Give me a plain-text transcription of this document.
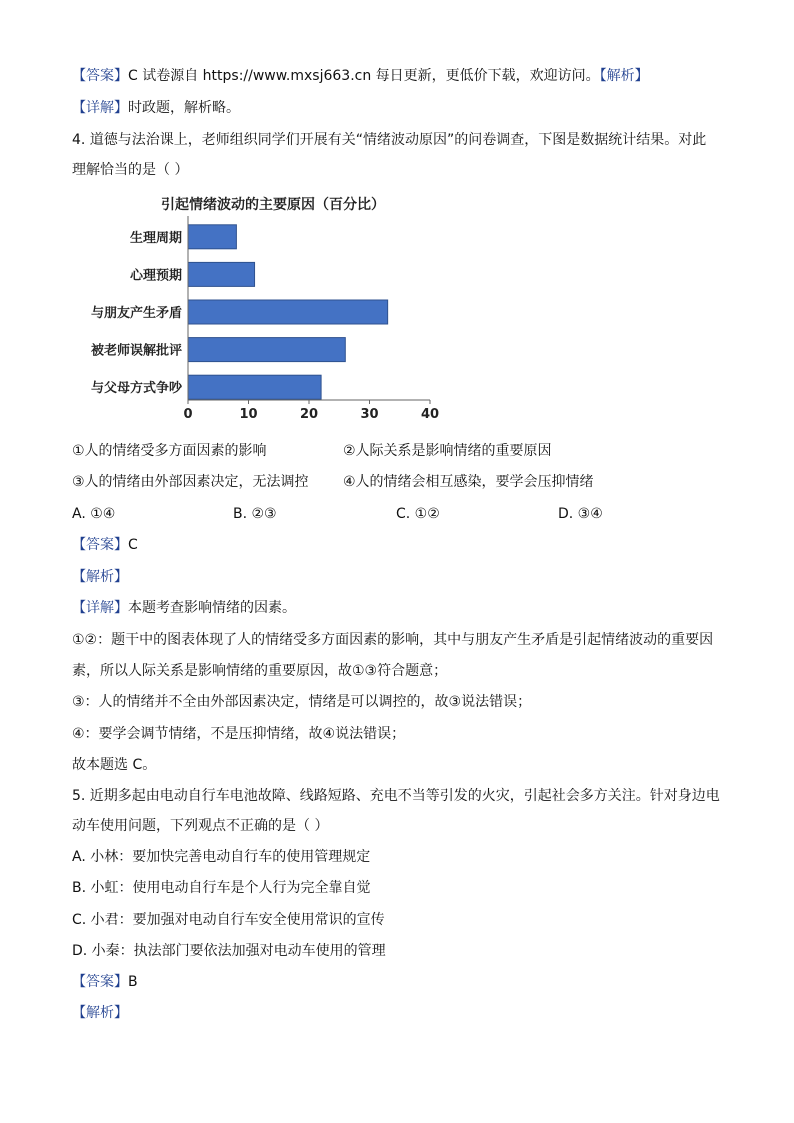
【答案】C 试卷源自 https://www.mxsj663.cn 每日更新，更低价下载，欢迎访问。【解析】
【详解】时政题，解析略。
4. 道德与法治课上，老师组织同学们开展有关“情绪波动原因”的问卷调查，下图是数据统计结果。对此
理解恰当的是（ ）
引起情绪波动的主要原因（百分比）
生理周期
心理预期
与朋友产生矛盾
被老师误解批评
与父母方式争吵
0	10	20	30	40
①人的情绪受多方面因素的影响	②人际关系是影响情绪的重要原因
③人的情绪由外部因素决定，无法调控 ④人的情绪会相互感染，要学会压抑情绪
A. ①④	B. ②③	C. ①②	D. ③④
【答案】C
【解析】
【详解】本题考查影响情绪的因素。
①②：题干中的图表体现了人的情绪受多方面因素的影响，其中与朋友产生矛盾是引起情绪波动的重要因
素，所以人际关系是影响情绪的重要原因，故①③符合题意；
③：人的情绪并不全由外部因素决定，情绪是可以调控的，故③说法错误；
④：要学会调节情绪，不是压抑情绪，故④说法错误；
故本题选 C。
5. 近期多起由电动自行车电池故障、线路短路、充电不当等引发的火灾，引起社会多方关注。针对身边电
动车使用问题，下列观点不正确的是（ ）
A. 小林：要加快完善电动自行车的使用管理规定
B. 小虹：使用电动自行车是个人行为完全靠自觉
C. 小君：要加强对电动自行车安全使用常识的宣传
D. 小秦：执法部门要依法加强对电动车使用的管理
【答案】B
【解析】
